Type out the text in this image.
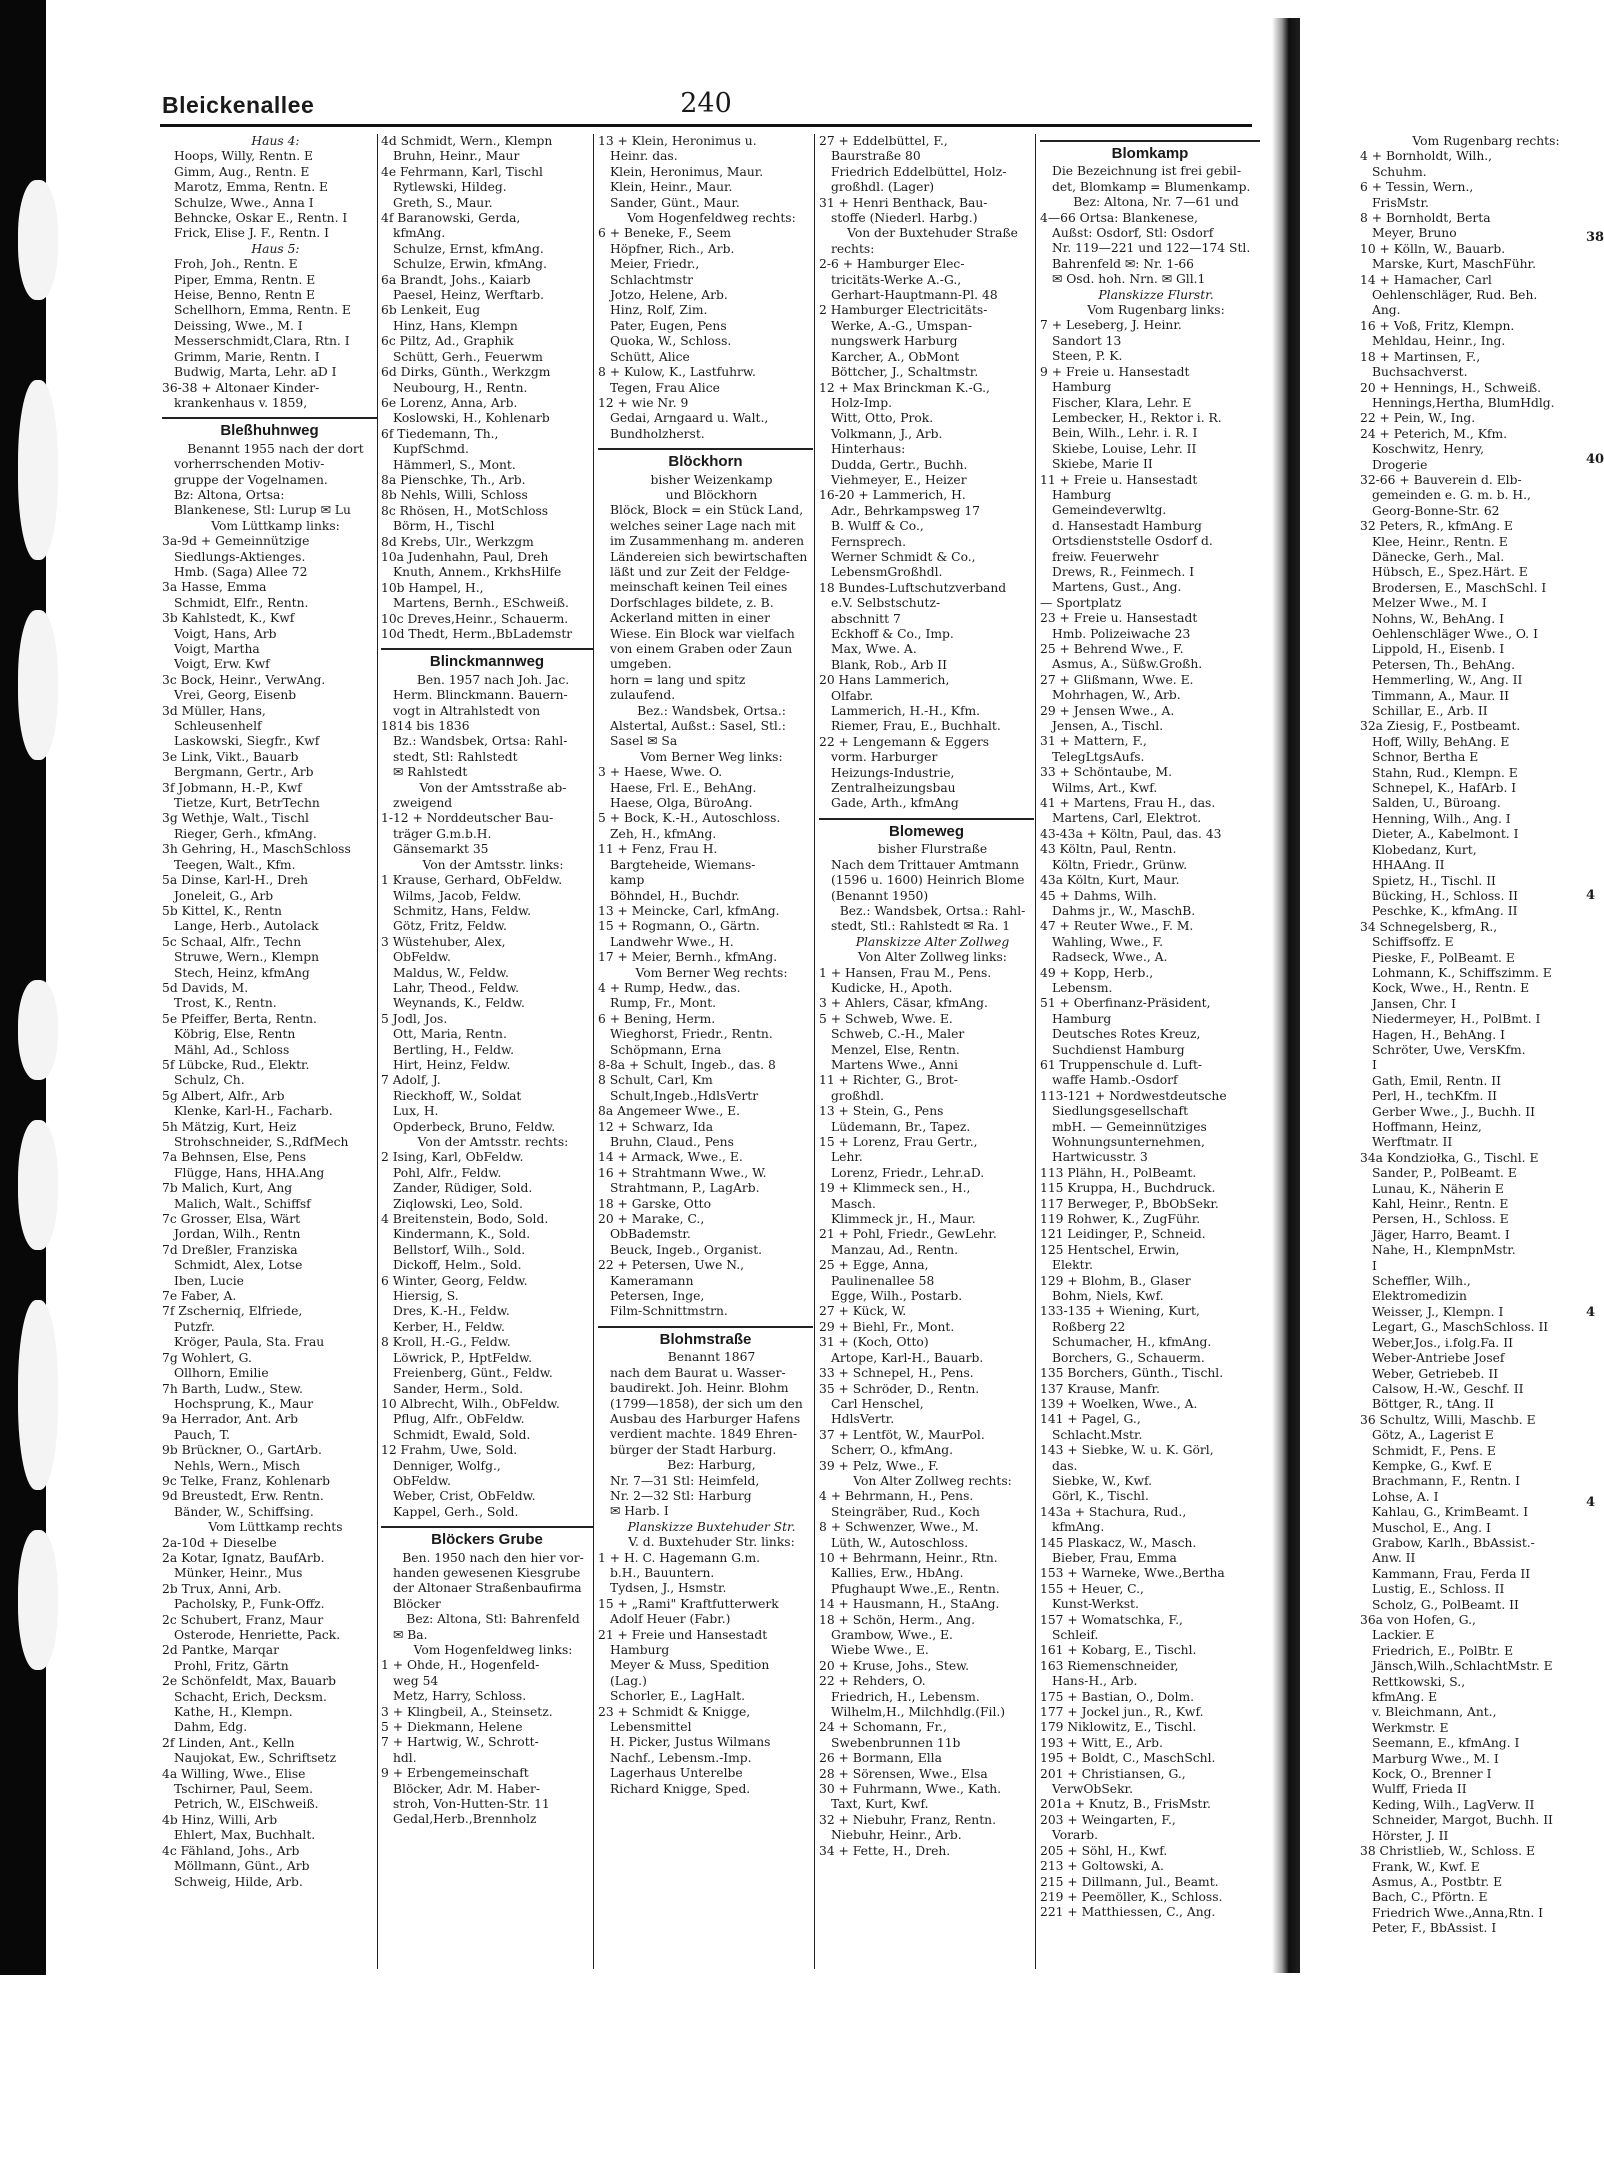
Bleickenallee	240
Haus 4:
Hoops, Willy, Rentn. E
Gimm, Aug., Rentn. E
Marotz, Emma, Rentn. E
Schulze, Wwe., Anna I
Behncke, Oskar E., Rentn. I
Frick, Elise J. F., Rentn. I
Haus 5:
Froh, Joh., Rentn. E
Piper, Emma, Rentn. E
Heise, Benno, Rentn E
Schellhorn, Emma, Rentn. E
Deissing, Wwe., M. I
Messerschmidt,Clara, Rtn. I
Grimm, Marie, Rentn. I
Budwig, Marta, Lehr. aD I
36-38 + Altonaer Kinder-
krankenhaus v. 1859,
Bleßhuhnweg
Benannt 1955 nach der dort
vorherrschenden Motiv-
gruppe der Vogelnamen.
Bz: Altona, Ortsa:
Blankenese, Stl: Lurup ✉ Lu
Vom Lüttkamp links:
3a-9d + Gemeinnützige
Siedlungs-Aktienges.
Hmb. (Saga) Allee 72
3a Hasse, Emma
Schmidt, Elfr., Rentn.
3b Kahlstedt, K., Kwf
Voigt, Hans, Arb
Voigt, Martha
Voigt, Erw. Kwf
3c Bock, Heinr., VerwAng.
Vrei, Georg, Eisenb
3d Müller, Hans,
Schleusenhelf
Laskowski, Siegfr., Kwf
3e Link, Vikt., Bauarb
Bergmann, Gertr., Arb
3f Jobmann, H.-P., Kwf
Tietze, Kurt, BetrTechn
3g Wethje, Walt., Tischl
Rieger, Gerh., kfmAng.
3h Gehring, H., MaschSchloss
Teegen, Walt., Kfm.
5a Dinse, Karl-H., Dreh
Joneleit, G., Arb
5b Kittel, K., Rentn
Lange, Herb., Autolack
5c Schaal, Alfr., Techn
Struwe, Wern., Klempn
Stech, Heinz, kfmAng
5d Davids, M.
Trost, K., Rentn.
5e Pfeiffer, Berta, Rentn.
Köbrig, Else, Rentn
Mähl, Ad., Schloss
5f Lübcke, Rud., Elektr.
Schulz, Ch.
5g Albert, Alfr., Arb
Klenke, Karl-H., Facharb.
5h Mätzig, Kurt, Heiz
Strohschneider, S.,RdfMech
7a Behnsen, Else, Pens
Flügge, Hans, HHA.Ang
7b Malich, Kurt, Ang
Malich, Walt., Schiffsf
7c Grosser, Elsa, Wärt
Jordan, Wilh., Rentn
7d Dreßler, Franziska
Schmidt, Alex, Lotse
Iben, Lucie
7e Faber, A.
7f Zscherniq, Elfriede,
Putzfr.
Kröger, Paula, Sta. Frau
7g Wohlert, G.
Ollhorn, Emilie
7h Barth, Ludw., Stew.
Hochsprung, K., Maur
9a Herrador, Ant. Arb
Pauch, T.
9b Brückner, O., GartArb.
Nehls, Wern., Misch
9c Telke, Franz, Kohlenarb
9d Breustedt, Erw. Rentn.
Bänder, W., Schiffsing.
Vom Lüttkamp rechts
2a-10d + Dieselbe
2a Kotar, Ignatz, BaufArb.
Münker, Heinr., Mus
2b Trux, Anni, Arb.
Pacholsky, P., Funk-Offz.
2c Schubert, Franz, Maur
Osterode, Henriette, Pack.
2d Pantke, Marqar
Prohl, Fritz, Gärtn
2e Schönfeldt, Max, Bauarb
Schacht, Erich, Decksm.
Kathe, H., Klempn.
Dahm, Edg.
2f Linden, Ant., Kelln
Naujokat, Ew., Schriftsetz
4a Willing, Wwe., Elise
Tschirner, Paul, Seem.
Petrich, W., ElSchweiß.
4b Hinz, Willi, Arb
Ehlert, Max, Buchhalt.
4c Fähland, Johs., Arb
Möllmann, Günt., Arb
Schweig, Hilde, Arb.
4d Schmidt, Wern., Klempn
Bruhn, Heinr., Maur
4e Fehrmann, Karl, Tischl
Rytlewski, Hildeg.
Greth, S., Maur.
4f Baranowski, Gerda,
kfmAng.
Schulze, Ernst, kfmAng.
Schulze, Erwin, kfmAng.
6a Brandt, Johs., Kaiarb
Paesel, Heinz, Werftarb.
6b Lenkeit, Eug
Hinz, Hans, Klempn
6c Piltz, Ad., Graphik
Schütt, Gerh., Feuerwm
6d Dirks, Günth., Werkzgm
Neubourg, H., Rentn.
6e Lorenz, Anna, Arb.
Koslowski, H., Kohlenarb
6f Tiedemann, Th.,
KupfSchmd.
Hämmerl, S., Mont.
8a Pienschke, Th., Arb.
8b Nehls, Willi, Schloss
8c Rhösen, H., MotSchloss
Börm, H., Tischl
8d Krebs, Ulr., Werkzgm
10a Judenhahn, Paul, Dreh
Knuth, Annem., KrkhsHilfe
10b Hampel, H.,
Martens, Bernh., ESchweiß.
10c Dreves,Heinr., Schauerm.
10d Thedt, Herm.,BbLademstr
Blinckmannweg
Ben. 1957 nach Joh. Jac.
Herm. Blinckmann. Bauern-
vogt in Altrahlstedt von
1814 bis 1836
Bz.: Wandsbek, Ortsa: Rahl-
stedt, Stl: Rahlstedt
✉ Rahlstedt
Von der Amtsstraße ab-
zweigend
1-12 + Norddeutscher Bau-
träger G.m.b.H.
Gänsemarkt 35
Von der Amtsstr. links:
1 Krause, Gerhard, ObFeldw.
Wilms, Jacob, Feldw.
Schmitz, Hans, Feldw.
Götz, Fritz, Feldw.
3 Wüstehuber, Alex,
ObFeldw.
Maldus, W., Feldw.
Lahr, Theod., Feldw.
Weynands, K., Feldw.
5 Jodl, Jos.
Ott, Maria, Rentn.
Bertling, H., Feldw.
Hirt, Heinz, Feldw.
7 Adolf, J.
Rieckhoff, W., Soldat
Lux, H.
Opderbeck, Bruno, Feldw.
Von der Amtsstr. rechts:
2 Ising, Karl, ObFeldw.
Pohl, Alfr., Feldw.
Zander, Rüdiger, Sold.
Ziqlowski, Leo, Sold.
4 Breitenstein, Bodo, Sold.
Kindermann, K., Sold.
Bellstorf, Wilh., Sold.
Dickoff, Helm., Sold.
6 Winter, Georg, Feldw.
Hiersig, S.
Dres, K.-H., Feldw.
Kerber, H., Feldw.
8 Kroll, H.-G., Feldw.
Löwrick, P., HptFeldw.
Freienberg, Günt., Feldw.
Sander, Herm., Sold.
10 Albrecht, Wilh., ObFeldw.
Pflug, Alfr., ObFeldw.
Schmidt, Ewald, Sold.
12 Frahm, Uwe, Sold.
Denniger, Wolfg.,
ObFeldw.
Weber, Crist, ObFeldw.
Kappel, Gerh., Sold.
Blöckers Grube
Ben. 1950 nach den hier vor-
handen gewesenen Kiesgrube
der Altonaer Straßenbaufirma
Blöcker
Bez: Altona, Stl: Bahrenfeld
✉ Ba.
Vom Hogenfeldweg links:
1 + Ohde, H., Hogenfeld-
weg 54
Metz, Harry, Schloss.
3 + Klingbeil, A., Steinsetz.
5 + Diekmann, Helene
7 + Hartwig, W., Schrott-
hdl.
9 + Erbengemeinschaft
Blöcker, Adr. M. Haber-
stroh, Von-Hutten-Str. 11
Gedal,Herb.,Brennholz
13 + Klein, Heronimus u.
Heinr. das.
Klein, Heronimus, Maur.
Klein, Heinr., Maur.
Sander, Günt., Maur.
Vom Hogenfeldweg rechts:
6 + Beneke, F., Seem
Höpfner, Rich., Arb.
Meier, Friedr.,
Schlachtmstr
Jotzo, Helene, Arb.
Hinz, Rolf, Zim.
Pater, Eugen, Pens
Quoka, W., Schloss.
Schütt, Alice
8 + Kulow, K., Lastfuhrw.
Tegen, Frau Alice
12 + wie Nr. 9
Gedai, Arngaard u. Walt.,
Bundholzherst.
Blöckhorn
bisher Weizenkamp
und Blöckhorn
Blöck, Block = ein Stück Land,
welches seiner Lage nach mit
im Zusammenhang m. anderen
Ländereien sich bewirtschaften
läßt und zur Zeit der Feldge-
meinschaft keinen Teil eines
Dorfschlages bildete, z. B.
Ackerland mitten in einer
Wiese. Ein Block war vielfach
von einem Graben oder Zaun
umgeben.
horn = lang und spitz
zulaufend.
Bez.: Wandsbek, Ortsa.:
Alstertal, Außst.: Sasel, Stl.:
Sasel ✉ Sa
Vom Berner Weg links:
3 + Haese, Wwe. O.
Haese, Frl. E., BehAng.
Haese, Olga, BüroAng.
5 + Bock, K.-H., Autoschloss.
Zeh, H., kfmAng.
11 + Fenz, Frau H.
Bargteheide, Wiemans-
kamp
Böhndel, H., Buchdr.
13 + Meincke, Carl, kfmAng.
15 + Rogmann, O., Gärtn.
Landwehr Wwe., H.
17 + Meier, Bernh., kfmAng.
Vom Berner Weg rechts:
4 + Rump, Hedw., das.
Rump, Fr., Mont.
6 + Bening, Herm.
Wieghorst, Friedr., Rentn.
Schöpmann, Erna
8-8a + Schult, Ingeb., das. 8
8 Schult, Carl, Km
Schult,Ingeb.,HdlsVertr
8a Angemeer Wwe., E.
12 + Schwarz, Ida
Bruhn, Claud., Pens
14 + Armack, Wwe., E.
16 + Strahtmann Wwe., W.
Strahtmann, P., LagArb.
18 + Garske, Otto
20 + Marake, C.,
ObBademstr.
Beuck, Ingeb., Organist.
22 + Petersen, Uwe N.,
Kameramann
Petersen, Inge,
Film-Schnittmstrn.
Blohmstraße
Benannt 1867
nach dem Baurat u. Wasser-
baudirekt. Joh. Heinr. Blohm
(1799—1858), der sich um den
Ausbau des Harburger Hafens
verdient machte. 1849 Ehren-
bürger der Stadt Harburg.
Bez: Harburg,
Nr. 7—31 Stl: Heimfeld,
Nr. 2—32 Stl: Harburg
✉ Harb. I
Planskizze Buxtehuder Str.
V. d. Buxtehuder Str. links:
1 + H. C. Hagemann G.m.
b.H., Bauuntern.
Tydsen, J., Hsmstr.
15 + „Rami" Kraftfutterwerk
Adolf Heuer (Fabr.)
21 + Freie und Hansestadt
Hamburg
Meyer & Muss, Spedition
(Lag.)
Schorler, E., LagHalt.
23 + Schmidt & Knigge,
Lebensmittel
H. Picker, Justus Wilmans
Nachf., Lebensm.-Imp.
Lagerhaus Unterelbe
Richard Knigge, Sped.
27 + Eddelbüttel, F.,
Baurstraße 80
Friedrich Eddelbüttel, Holz-
großhdl. (Lager)
31 + Henri Benthack, Bau-
stoffe (Niederl. Harbg.)
Von der Buxtehuder Straße
rechts:
2-6 + Hamburger Elec-
tricitäts-Werke A.-G.,
Gerhart-Hauptmann-Pl. 48
2 Hamburger Electricitäts-
Werke, A.-G., Umspan-
nungswerk Harburg
Karcher, A., ObMont
Böttcher, J., Schaltmstr.
12 + Max Brinckman K.-G.,
Holz-Imp.
Witt, Otto, Prok.
Volkmann, J., Arb.
Hinterhaus:
Dudda, Gertr., Buchh.
Viehmeyer, E., Heizer
16-20 + Lammerich, H.
Adr., Behrkampsweg 17
B. Wulff & Co.,
Fernsprech.
Werner Schmidt & Co.,
LebensmGroßhdl.
18 Bundes-Luftschutzverband
e.V. Selbstschutz-
abschnitt 7
Eckhoff & Co., Imp.
Max, Wwe. A.
Blank, Rob., Arb II
20 Hans Lammerich,
Olfabr.
Lammerich, H.-H., Kfm.
Riemer, Frau, E., Buchhalt.
22 + Lengemann & Eggers
vorm. Harburger
Heizungs-Industrie,
Zentralheizungsbau
Gade, Arth., kfmAng
Blomeweg
bisher Flurstraße
Nach dem Trittauer Amtmann
(1596 u. 1600) Heinrich Blome
(Benannt 1950)
Bez.: Wandsbek, Ortsa.: Rahl-
stedt, Stl.: Rahlstedt ✉ Ra. 1
Planskizze Alter Zollweg
Von Alter Zollweg links:
1 + Hansen, Frau M., Pens.
Kudicke, H., Apoth.
3 + Ahlers, Cäsar, kfmAng.
5 + Schweb, Wwe. E.
Schweb, C.-H., Maler
Menzel, Else, Rentn.
Martens Wwe., Anni
11 + Richter, G., Brot-
großhdl.
13 + Stein, G., Pens
Lüdemann, Br., Tapez.
15 + Lorenz, Frau Gertr.,
Lehr.
Lorenz, Friedr., Lehr.aD.
19 + Klimmeck sen., H.,
Masch.
Klimmeck jr., H., Maur.
21 + Pohl, Friedr., GewLehr.
Manzau, Ad., Rentn.
25 + Egge, Anna,
Paulinenallee 58
Egge, Wilh., Postarb.
27 + Kück, W.
29 + Biehl, Fr., Mont.
31 + (Koch, Otto)
Artope, Karl-H., Bauarb.
33 + Schnepel, H., Pens.
35 + Schröder, D., Rentn.
Carl Henschel,
HdlsVertr.
37 + Lentföt, W., MaurPol.
Scherr, O., kfmAng.
39 + Pelz, Wwe., F.
Von Alter Zollweg rechts:
4 + Behrmann, H., Pens.
Steingräber, Rud., Koch
8 + Schwenzer, Wwe., M.
Lüth, W., Autoschloss.
10 + Behrmann, Heinr., Rtn.
Kallies, Erw., HbAng.
Pfughaupt Wwe.,E., Rentn.
14 + Hausmann, H., StaAng.
18 + Schön, Herm., Ang.
Grambow, Wwe., E.
Wiebe Wwe., E.
20 + Kruse, Johs., Stew.
22 + Rehders, O.
Friedrich, H., Lebensm.
Wilhelm,H., Milchhdlg.(Fil.)
24 + Schomann, Fr.,
Swebenbrunnen 11b
26 + Bormann, Ella
28 + Sörensen, Wwe., Elsa
30 + Fuhrmann, Wwe., Kath.
Taxt, Kurt, Kwf.
32 + Niebuhr, Franz, Rentn.
Niebuhr, Heinr., Arb.
34 + Fette, H., Dreh.
Blomkamp
Die Bezeichnung ist frei gebil-
det, Blomkamp = Blumenkamp.
Bez: Altona, Nr. 7—61 und
4—66 Ortsa: Blankenese,
Außst: Osdorf, Stl: Osdorf
Nr. 119—221 und 122—174 Stl.
Bahrenfeld ✉: Nr. 1-66
✉ Osd. hoh. Nrn. ✉ Gll.1
Planskizze Flurstr.
Vom Rugenbarg links:
7 + Leseberg, J. Heinr.
Sandort 13
Steen, P. K.
9 + Freie u. Hansestadt
Hamburg
Fischer, Klara, Lehr. E
Lembecker, H., Rektor i. R.
Bein, Wilh., Lehr. i. R. I
Skiebe, Louise, Lehr. II
Skiebe, Marie II
11 + Freie u. Hansestadt
Hamburg
Gemeindeverwltg.
d. Hansestadt Hamburg
Ortsdienststelle Osdorf d.
freiw. Feuerwehr
Drews, R., Feinmech. I
Martens, Gust., Ang.
— Sportplatz
23 + Freie u. Hansestadt
Hmb. Polizeiwache 23
25 + Behrend Wwe., F.
Asmus, A., Süßw.Großh.
27 + Glißmann, Wwe. E.
Mohrhagen, W., Arb.
29 + Jensen Wwe., A.
Jensen, A., Tischl.
31 + Mattern, F.,
TelegLtgsAufs.
33 + Schöntaube, M.
Wilms, Art., Kwf.
41 + Martens, Frau H., das.
Martens, Carl, Elektrot.
43-43a + Költn, Paul, das. 43
43 Költn, Paul, Rentn.
Költn, Friedr., Grünw.
43a Költn, Kurt, Maur.
45 + Dahms, Wilh.
Dahms jr., W., MaschB.
47 + Reuter Wwe., F. M.
Wahling, Wwe., F.
Radseck, Wwe., A.
49 + Kopp, Herb.,
Lebensm.
51 + Oberfinanz-Präsident,
Hamburg
Deutsches Rotes Kreuz,
Suchdienst Hamburg
61 Truppenschule d. Luft-
waffe Hamb.-Osdorf
113-121 + Nordwestdeutsche
Siedlungsgesellschaft
mbH. — Gemeinnütziges
Wohnungsunternehmen,
Hartwicusstr. 3
113 Plähn, H., PolBeamt.
115 Kruppa, H., Buchdruck.
117 Berweger, P., BbObSekr.
119 Rohwer, K., ZugFühr.
121 Leidinger, P., Schneid.
125 Hentschel, Erwin,
Elektr.
129 + Blohm, B., Glaser
Bohm, Niels, Kwf.
133-135 + Wiening, Kurt,
Roßberg 22
Schumacher, H., kfmAng.
Borchers, G., Schauerm.
135 Borchers, Günth., Tischl.
137 Krause, Manfr.
139 + Woelken, Wwe., A.
141 + Pagel, G.,
Schlacht.Mstr.
143 + Siebke, W. u. K. Görl,
das.
Siebke, W., Kwf.
Görl, K., Tischl.
143a + Stachura, Rud.,
kfmAng.
145 Plaskacz, W., Masch.
Bieber, Frau, Emma
153 + Warneke, Wwe.,Bertha
155 + Heuer, C.,
Kunst-Werkst.
157 + Womatschka, F.,
Schleif.
161 + Kobarg, E., Tischl.
163 Riemenschneider,
Hans-H., Arb.
175 + Bastian, O., Dolm.
177 + Jockel jun., R., Kwf.
179 Niklowitz, E., Tischl.
193 + Witt, E., Arb.
195 + Boldt, C., MaschSchl.
201 + Christiansen, G.,
VerwObSekr.
201a + Knutz, B., FrisMstr.
203 + Weingarten, F.,
Vorarb.
205 + Söhl, H., Kwf.
213 + Goltowski, A.
215 + Dillmann, Jul., Beamt.
219 + Peemöller, K., Schloss.
221 + Matthiessen, C., Ang.
Vom Rugenbarg rechts:
4 + Bornholdt, Wilh.,
Schuhm.
6 + Tessin, Wern.,
FrisMstr.
8 + Bornholdt, Berta
Meyer, Bruno
10 + Kölln, W., Bauarb.
Marske, Kurt, MaschFühr.
14 + Hamacher, Carl
Oehlenschläger, Rud. Beh.
Ang.
16 + Voß, Fritz, Klempn.
Mehldau, Heinr., Ing.
18 + Martinsen, F.,
Buchsachverst.
20 + Hennings, H., Schweiß.
Hennings,Hertha, BlumHdlg.
22 + Pein, W., Ing.
24 + Peterich, M., Kfm.
Koschwitz, Henry,
Drogerie
32-66 + Bauverein d. Elb-
gemeinden e. G. m. b. H.,
Georg-Bonne-Str. 62
32 Peters, R., kfmAng. E
Klee, Heinr., Rentn. E
Dänecke, Gerh., Mal.
Hübsch, E., Spez.Härt. E
Brodersen, E., MaschSchl. I
Melzer Wwe., M. I
Nohns, W., BehAng. I
Oehlenschläger Wwe., O. I
Lippold, H., Eisenb. I
Petersen, Th., BehAng.
Hemmerling, W., Ang. II
Timmann, A., Maur. II
Schillar, E., Arb. II
32a Ziesig, F., Postbeamt.
Hoff, Willy, BehAng. E
Schnor, Bertha E
Stahn, Rud., Klempn. E
Schnepel, K., HafArb. I
Salden, U., Büroang.
Henning, Wilh., Ang. I
Dieter, A., Kabelmont. I
Klobedanz, Kurt,
HHAAng. II
Spietz, H., Tischl. II
Bücking, H., Schloss. II
Peschke, K., kfmAng. II
34 Schnegelsberg, R.,
Schiffsoffz. E
Pieske, F., PolBeamt. E
Lohmann, K., Schiffszimm. E
Kock, Wwe., H., Rentn. E
Jansen, Chr. I
Niedermeyer, H., PolBmt. I
Hagen, H., BehAng. I
Schröter, Uwe, VersKfm.
I
Gath, Emil, Rentn. II
Perl, H., techKfm. II
Gerber Wwe., J., Buchh. II
Hoffmann, Heinz,
Werftmatr. II
34a Kondziołka, G., Tischl. E
Sander, P., PolBeamt. E
Lunau, K., Näherin E
Kahl, Heinr., Rentn. E
Persen, H., Schloss. E
Jäger, Harro, Beamt. I
Nahe, H., KlempnMstr.
I
Scheffler, Wilh.,
Elektromedizin
Weisser, J., Klempn. I
Legart, G., MaschSchloss. II
Weber,Jos., i.folg.Fa. II
Weber-Antriebe Josef
Weber, Getriebeb. II
Calsow, H.-W., Geschf. II
Böttger, R., tAng. II
36 Schultz, Willi, Maschb. E
Götz, A., Lagerist E
Schmidt, F., Pens. E
Kempke, G., Kwf. E
Brachmann, F., Rentn. I
Lohse, A. I
Kahlau, G., KrimBeamt. I
Muschol, E., Ang. I
Grabow, Karlh., BbAssist.-
Anw. II
Kammann, Frau, Ferda II
Lustig, E., Schloss. II
Scholz, G., PolBeamt. II
36a von Hofen, G.,
Lackier. E
Friedrich, E., PolBtr. E
Jänsch,Wilh.,SchlachtMstr. E
Rettkowski, S.,
kfmAng. E
v. Bleichmann, Ant.,
Werkmstr. E
Seemann, E., kfmAng. I
Marburg Wwe., M. I
Kock, O., Brenner I
Wulff, Frieda II
Keding, Wilh., LagVerw. II
Schneider, Margot, Buchh. II
Hörster, J. II
38 Christlieb, W., Schloss. E
Frank, W., Kwf. E
Asmus, A., Postbtr. E
Bach, C., Pförtn. E
Friedrich Wwe.,Anna,Rtn. I
Peter, F., BbAssist. I
38
40
4
4
4
